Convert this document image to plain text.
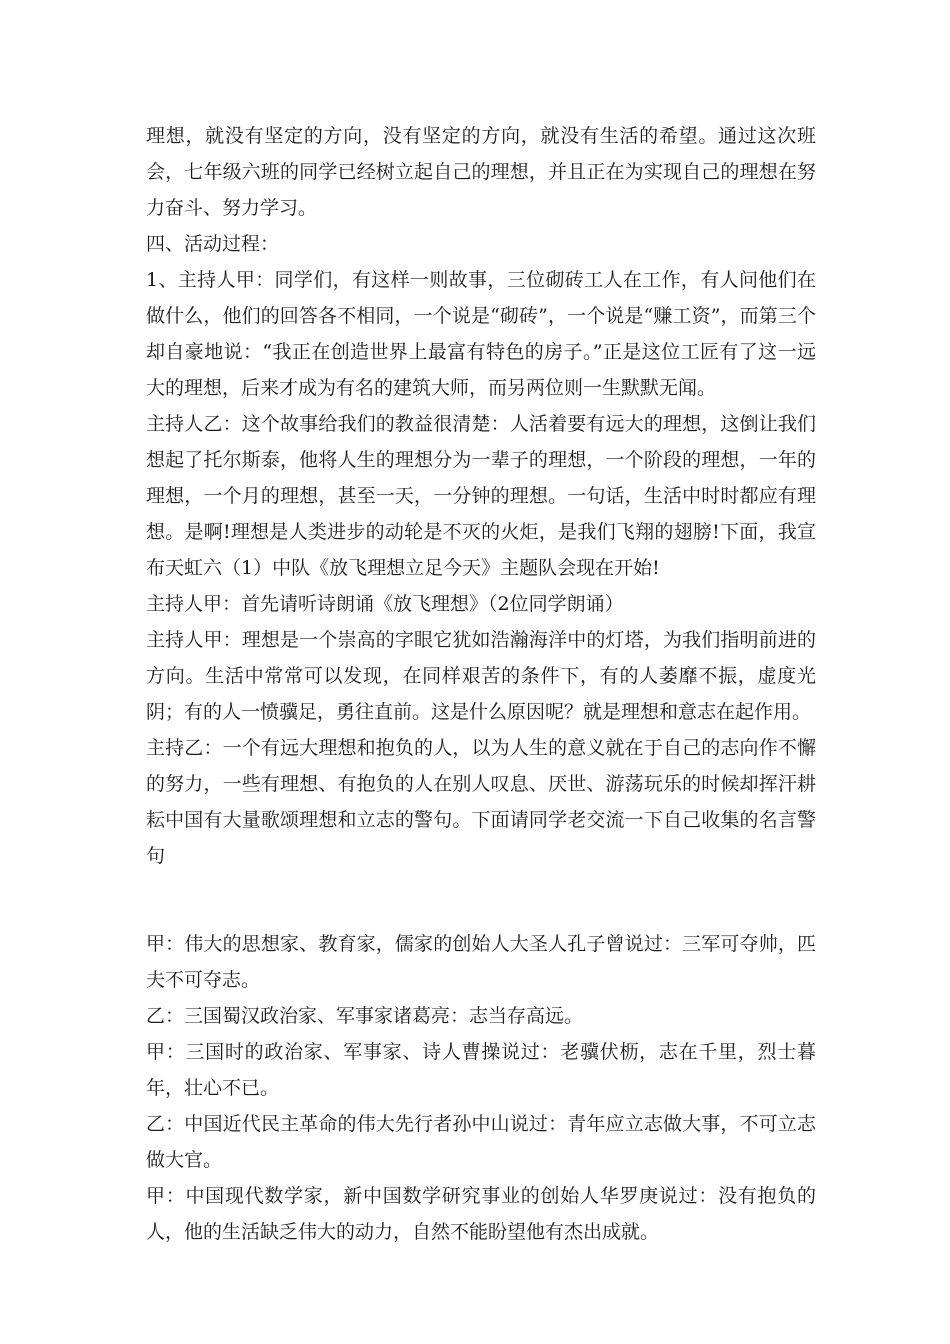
理想，就没有坚定的方向，没有坚定的方向，就没有生活的希望。通过这次班会，七年级六班的同学已经树立起自己的理想，并且正在为实现自己的理想在努力奋斗、努力学习。

四、活动过程：

1、主持人甲：同学们，有这样一则故事，三位砌砖工人在工作，有人问他们在做什么，他们的回答各不相同，一个说是“砌砖”，一个说是“赚工资”，而第三个却自豪地说：“我正在创造世界上最富有特色的房子。”正是这位工匠有了这一远大的理想，后来才成为有名的建筑大师，而另两位则一生默默无闻。

主持人乙：这个故事给我们的教益很清楚：人活着要有远大的理想，这倒让我们想起了托尔斯泰，他将人生的理想分为一辈子的理想，一个阶段的理想，一年的理想，一个月的理想，甚至一天，一分钟的理想。一句话，生活中时时都应有理想。是啊!理想是人类进步的动轮是不灭的火炬，是我们飞翔的翅膀!下面，我宣布天虹六（1）中队《放飞理想立足今天》主题队会现在开始!

主持人甲：首先请听诗朗诵《放飞理想》（2位同学朗诵）

主持人甲：理想是一个崇高的字眼它犹如浩瀚海洋中的灯塔，为我们指明前进的方向。生活中常常可以发现，在同样艰苦的条件下，有的人萎靡不振，虚度光阴；有的人一愤骥足，勇往直前。这是什么原因呢？就是理想和意志在起作用。

主持乙：一个有远大理想和抱负的人，以为人生的意义就在于自己的志向作不懈的努力，一些有理想、有抱负的人在别人叹息、厌世、游荡玩乐的时候却挥汗耕耘中国有大量歌颂理想和立志的警句。下面请同学老交流一下自己收集的名言警句

甲：伟大的思想家、教育家，儒家的创始人大圣人孔子曾说过：三军可夺帅，匹夫不可夺志。

乙：三国蜀汉政治家、军事家诸葛亮：志当存高远。

甲：三国时的政治家、军事家、诗人曹操说过：老骥伏枥，志在千里，烈士暮年，壮心不已。

乙：中国近代民主革命的伟大先行者孙中山说过：青年应立志做大事，不可立志做大官。

甲：中国现代数学家，新中国数学研究事业的创始人华罗庚说过：没有抱负的人，他的生活缺乏伟大的动力，自然不能盼望他有杰出成就。
